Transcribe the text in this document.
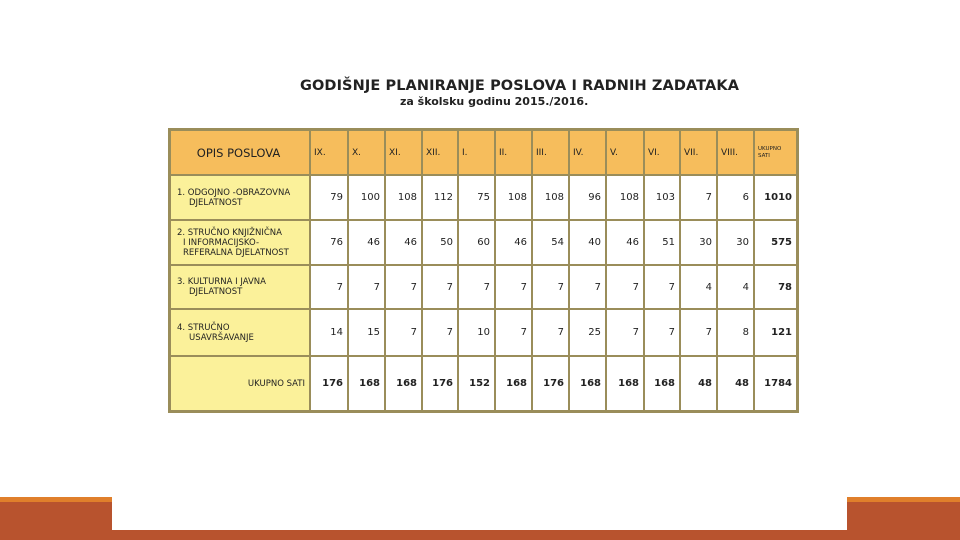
GODIŠNJE PLANIRANJE POSLOVA I RADNIH ZADATAKA
za školsku godinu 2015./2016.
OPIS POSLOVA	IX.	X.	XI.	XII.	I.	II.	III.	IV.	V.	VI.	VII.	VIII.	UKUPNO
SATI

1. ODGOJNO -OBRAZOVNA
DJELATNOST	79	100	108	112	75	108	108	96	108	103	7	6	1010

2. STRUČNO KNJIŽNIČNA
I INFORMACIJSKO-
REFERALNA DJELATNOST	76	46	46	50	60	46	54	40	46	51	30	30	575

3. KULTURNA I JAVNA
DJELATNOST	7	7	7	7	7	7	7	7	7	7	4	4	78

4. STRUČNO
USAVRŠAVANJE	14	15	7	7	10	7	7	25	7	7	7	8	121
UKUPNO SATI	176	168	168	176	152	168	176	168	168	168	48	48	1784
